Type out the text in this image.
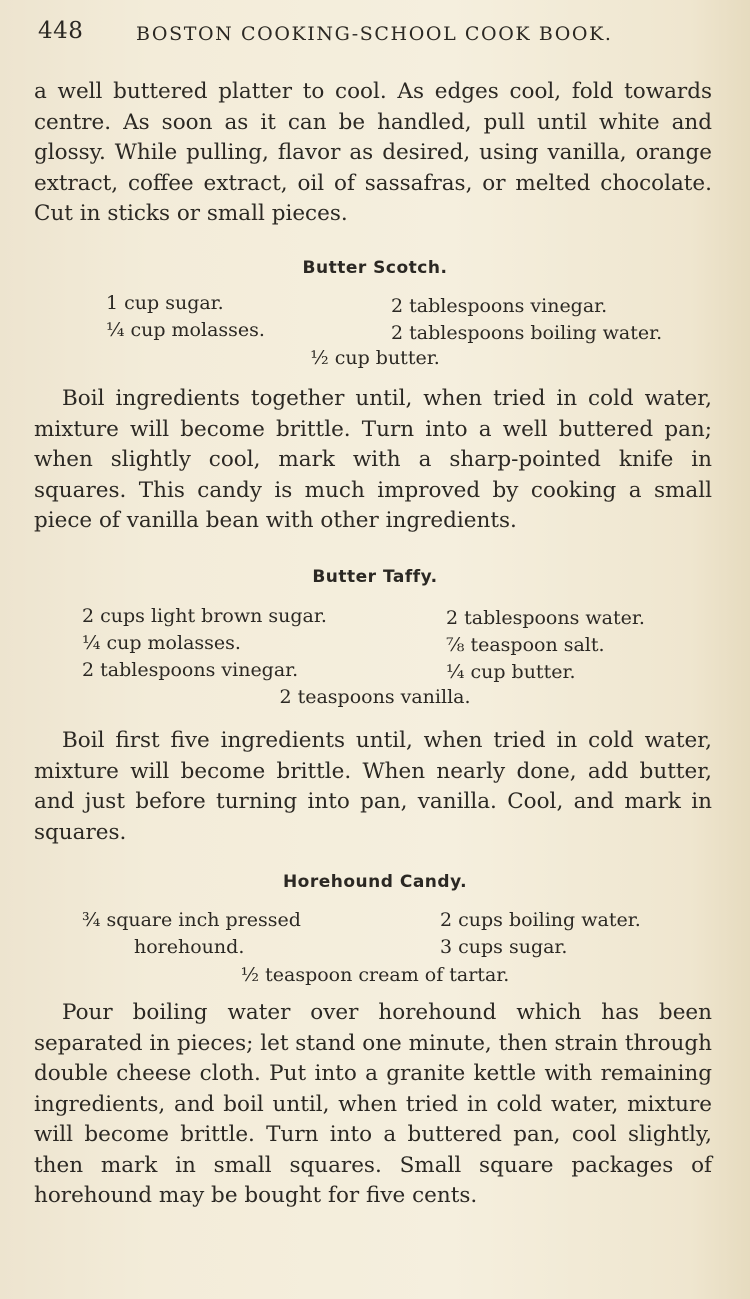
448	BOSTON COOKING-SCHOOL COOK BOOK.

a well buttered platter to cool. As edges cool, fold towards centre. As soon as it can be handled, pull until white and glossy. While pulling, flavor as desired, using vanilla, orange extract, coffee extract, oil of sassafras, or melted chocolate. Cut in sticks or small pieces.

Butter Scotch.
1 cup sugar.
¼ cup molasses.
2 tablespoons vinegar.
2 tablespoons boiling water.
½ cup butter.

Boil ingredients together until, when tried in cold water, mixture will become brittle. Turn into a well buttered pan; when slightly cool, mark with a sharp-pointed knife in squares. This candy is much improved by cooking a small piece of vanilla bean with other ingredients.

Butter Taffy.
2 cups light brown sugar.
¼ cup molasses.
2 tablespoons vinegar.
2 tablespoons water.
⅞ teaspoon salt.
¼ cup butter.
2 teaspoons vanilla.

Boil first five ingredients until, when tried in cold water, mixture will become brittle. When nearly done, add butter, and just before turning into pan, vanilla. Cool, and mark in squares.

Horehound Candy.
¾ square inch pressed
horehound.
2 cups boiling water.
3 cups sugar.
½ teaspoon cream of tartar.

Pour boiling water over horehound which has been separated in pieces; let stand one minute, then strain through double cheese cloth. Put into a granite kettle with remaining ingredients, and boil until, when tried in cold water, mixture will become brittle. Turn into a buttered pan, cool slightly, then mark in small squares. Small square packages of horehound may be bought for five cents.
